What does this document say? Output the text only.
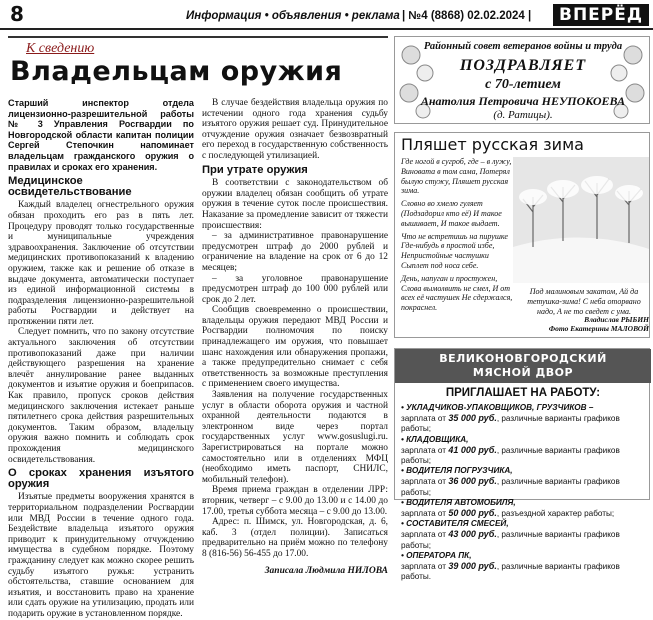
8	Информация • объявления • реклама | №4 (8868) 02.02.2024 |	ВПЕРЁД
К сведению
Владельцам оружия
Старший инспектор отдела лицензионно-разрешительной работы № 3 Управления Росгвардии по Новгородской области капитан полиции Сергей Степочкин напоминает владельцам гражданского оружия о правилах и сроках его хранения.
Медицинское освидетельствование

Каждый владелец огнестрельного оружия обязан проходить его раз в пять лет. Процедуру проводят только государственные и муниципальные учреждения здравоохранения. Заключение об отсутствии медицинских противопоказаний к владению оружием, также как и решение об отказе в выдаче документа, автоматически поступает из единой информационной системы в подразделения лицензионно-разрешительной работы Росгвардии и действует на протяжении пяти лет.

Следует помнить, что по закону отсутствие актуального заключения об отсутствии противопоказаний даже при наличии действующего разрешения на хранение влечёт аннулирование ранее выданных документов и изъятие оружия и боеприпасов. Как правило, пропуск сроков действия медицинского заключения истекает раньше пятилетнего срока действия разрешительных документов. Таким образом, владельцу оружия важно помнить и соблюдать срок прохождения медицинского освидетельствования.

О сроках хранения изъятого оружия

Изъятые предметы вооружения хранятся в территориальном подразделении Росгвардии или МВД России в течение одного года. Бездействие владельца изъятого оружия приводит к принудительному отчуждению имущества в судебном порядке. Поэтому гражданину следует как можно скорее решить судьбу изъятого ружья: устранить обстоятельства, ставшие основанием для изъятия, и восстановить право на хранение или сдать оружие на утилизацию, продать или подарить оружие в установленном порядке.

В случае бездействия владельца оружия по истечении одного года хранения судьбу изъятого оружия решает суд. Принудительное отчуждение оружия означает безвозвратный его переход в государственную собственность с последующей утилизацией.

При утрате оружия

В соответствии с законодательством об оружии владелец обязан сообщить об утрате оружия в течение суток после происшествия. Наказание за промедление зависит от тяжести происшествия:

– за административное правонарушение предусмотрен штраф до 2000 рублей и ограничение на владение на срок от 6 до 12 месяцев;

– за уголовное правонарушение предусмотрен штраф до 100 000 рублей или срок до 2 лет.

Сообщив своевременно о происшествии, владельцы оружия передают МВД России и Росгвардии полномочия по поиску принадлежащего им оружия, что повышает шанс нахождения или обнаружения пропажи, а также предупредительно снимает с себя ответственность за возможные преступления с применением своего имущества.

Заявления на получение государственных услуг в области оборота оружия и частной охранной деятельности подаются в электронном виде через портал государственных услуг www.gosuslugi.ru. Зарегистрироваться на портале можно самостоятельно или в отделениях МФЦ (необходимо иметь паспорт, СНИЛС, мобильный телефон).

Время приема граждан в отделении ЛРР: вторник, четверг – с 9.00 до 13.00 и с 14.00 до 17.00, третья суббота месяца – с 9.00 до 13.00.

Адрес: п. Шимск, ул. Новгородская, д. 6, каб. 3 (отдел полиции). Записаться предварительно на приём можно по телефону 8 (816-56) 56-455 до 17.00.

Записала Людмила НИЛОВА
Районный совет ветеранов войны и труда
ПОЗДРАВЛЯЕТ
с 70-летием
Анатолия Петровича НЕУПОКОЕВА
(д. Ратицы).
Пляшет русская зима

Где ногой в сугроб, где – в лужу, Виновата в том сама, Потерял былую стужу, Пляшет русская зима.

Словно во хмелю гуляет (Подзадорил кто её) И такое вышивает, И такое выдает.

Что не встретишь на пирушке Где-нибудь в простой избе, Непристойные частушки Сыплет под носа себе.

День, напуган и простужен, Слова вымолвить не смел, И от всех её частушек Не сдержался, покраснел.

Под малиновым закатом, Ай да тетушка-зима! С неба оторвано надо, А не то сведет с ума.
Владислав РЫБИН
Фото Екатерины МАЛОВОЙ
ВЕЛИКОНОВГОРОДСКИЙ
МЯСНОЙ ДВОР
ПРИГЛАШАЕТ НА РАБОТУ:
• УКЛАДЧИКОВ-УПАКОВЩИКОВ, ГРУЗЧИКОВ –
зарплата от 35 000 руб., различные варианты графиков работы;
• КЛАДОВЩИКА,
зарплата от 41 000 руб., различные варианты графиков работы;
• ВОДИТЕЛЯ ПОГРУЗЧИКА,
зарплата от 36 000 руб., различные варианты графиков работы;
• ВОДИТЕЛЯ АВТОМОБИЛЯ,
зарплата от 50 000 руб., разъездной характер работы;
• СОСТАВИТЕЛЯ СМЕСЕЙ,
зарплата от 43 000 руб., различные варианты графиков работы;
• ОПЕРАТОРА ПК,
зарплата от 39 000 руб., различные варианты графиков работы.
